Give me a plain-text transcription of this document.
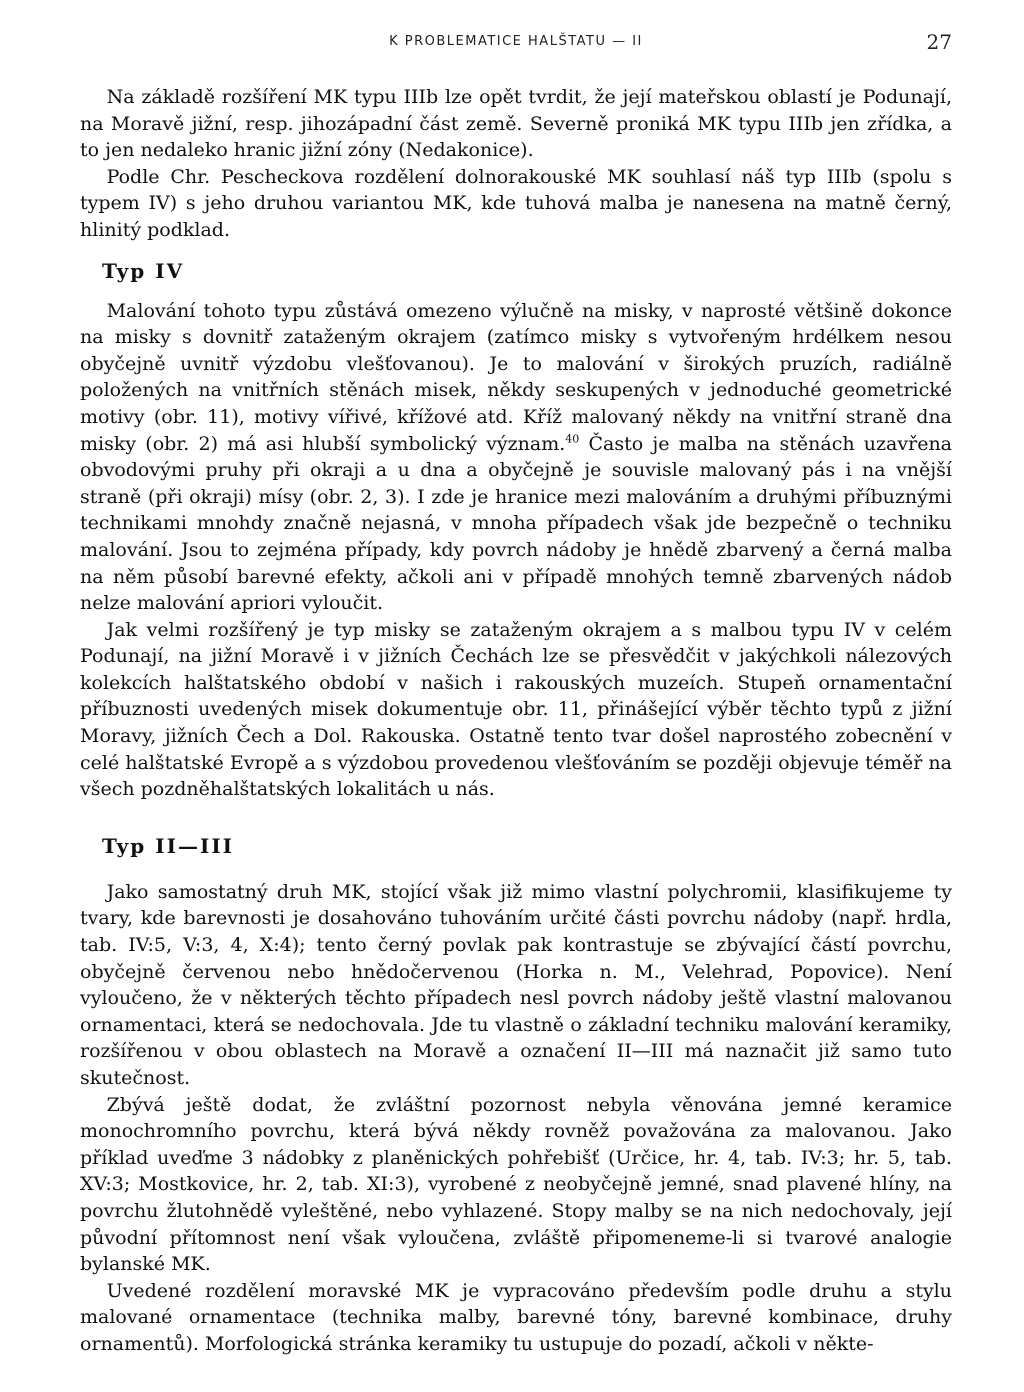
K PROBLEMATICE HALŠTATU — II	27

Na základě rozšíření MK typu IIIb lze opět tvrdit, že její mateřskou oblastí je Podunají, na Moravě jižní, resp. jihozápadní část země. Severně proniká MK typu IIIb jen zřídka, a to jen nedaleko hranic jižní zóny (Nedakonice).

Podle Chr. Pescheckova rozdělení dolnorakouské MK souhlasí náš typ IIIb (spolu s typem IV) s jeho druhou variantou MK, kde tuhová malba je nanesena na matně černý, hlinitý podklad.

Typ IV

Malování tohoto typu zůstává omezeno výlučně na misky, v naprosté většině dokonce na misky s dovnitř zataženým okrajem (zatímco misky s vytvořeným hrdélkem nesou obyčejně uvnitř výzdobu vlešťovanou). Je to malování v širokých pruzích, radiálně položených na vnitřních stěnách misek, někdy seskupených v jednoduché geometrické motivy (obr. 11), motivy vířivé, křížové atd. Kříž malovaný někdy na vnitřní straně dna misky (obr. 2) má asi hlubší symbolický význam.$^{40}$ Často je malba na stěnách uzavřena obvodovými pruhy při okraji a u dna a obyčejně je souvisle malovaný pás i na vnější straně (při okraji) mísy (obr. 2, 3). I zde je hranice mezi malováním a druhými příbuznými technikami mnohdy značně nejasná, v mnoha případech však jde bezpečně o techniku malování. Jsou to zejména případy, kdy povrch nádoby je hnědě zbarvený a černá malba na něm působí barevné efekty, ačkoli ani v případě mnohých temně zbarvených nádob nelze malování apriori vyloučit.

Jak velmi rozšířený je typ misky se zataženým okrajem a s malbou typu IV v celém Podunají, na jižní Moravě i v jižních Čechách lze se přesvědčit v jakýchkoli nálezových kolekcích halštatského období v našich i rakouských muzeích. Stupeň ornamentační příbuznosti uvedených misek dokumentuje obr. 11, přinášející výběr těchto typů z jižní Moravy, jižních Čech a Dol. Rakouska. Ostatně tento tvar došel naprostého zobecnění v celé halštatské Evropě a s výzdobou provedenou vlešťováním se později objevuje téměř na všech pozdněhalštatských lokalitách u nás.

Typ II—III

Jako samostatný druh MK, stojící však již mimo vlastní polychromii, klasifikujeme ty tvary, kde barevnosti je dosahováno tuhováním určité části povrchu nádoby (např. hrdla, tab. IV:5, V:3, 4, X:4); tento černý povlak pak kontrastuje se zbývající částí povrchu, obyčejně červenou nebo hnědočervenou (Horka n. M., Velehrad, Popovice). Není vyloučeno, že v některých těchto případech nesl povrch nádoby ještě vlastní malovanou ornamentaci, která se nedochovala. Jde tu vlastně o základní techniku malování keramiky, rozšířenou v obou oblastech na Moravě a označení II—III má naznačit již samo tuto skutečnost.

Zbývá ještě dodat, že zvláštní pozornost nebyla věnována jemné keramice monochromního povrchu, která bývá někdy rovněž považována za malovanou. Jako příklad uveďme 3 nádobky z planěnických pohřebišť (Určice, hr. 4, tab. IV:3; hr. 5, tab. XV:3; Mostkovice, hr. 2, tab. XI:3), vyrobené z neobyčejně jemné, snad plavené hlíny, na povrchu žlutohnědě vyleštěné, nebo vyhlazené. Stopy malby se na nich nedochovaly, její původní přítomnost není však vyloučena, zvláště připomeneme-li si tvarové analogie bylanské MK.

Uvedené rozdělení moravské MK je vypracováno především podle druhu a stylu malované ornamentace (technika malby, barevné tóny, barevné kombinace, druhy ornamentů). Morfologická stránka keramiky tu ustupuje do pozadí, ačkoli v někte-
